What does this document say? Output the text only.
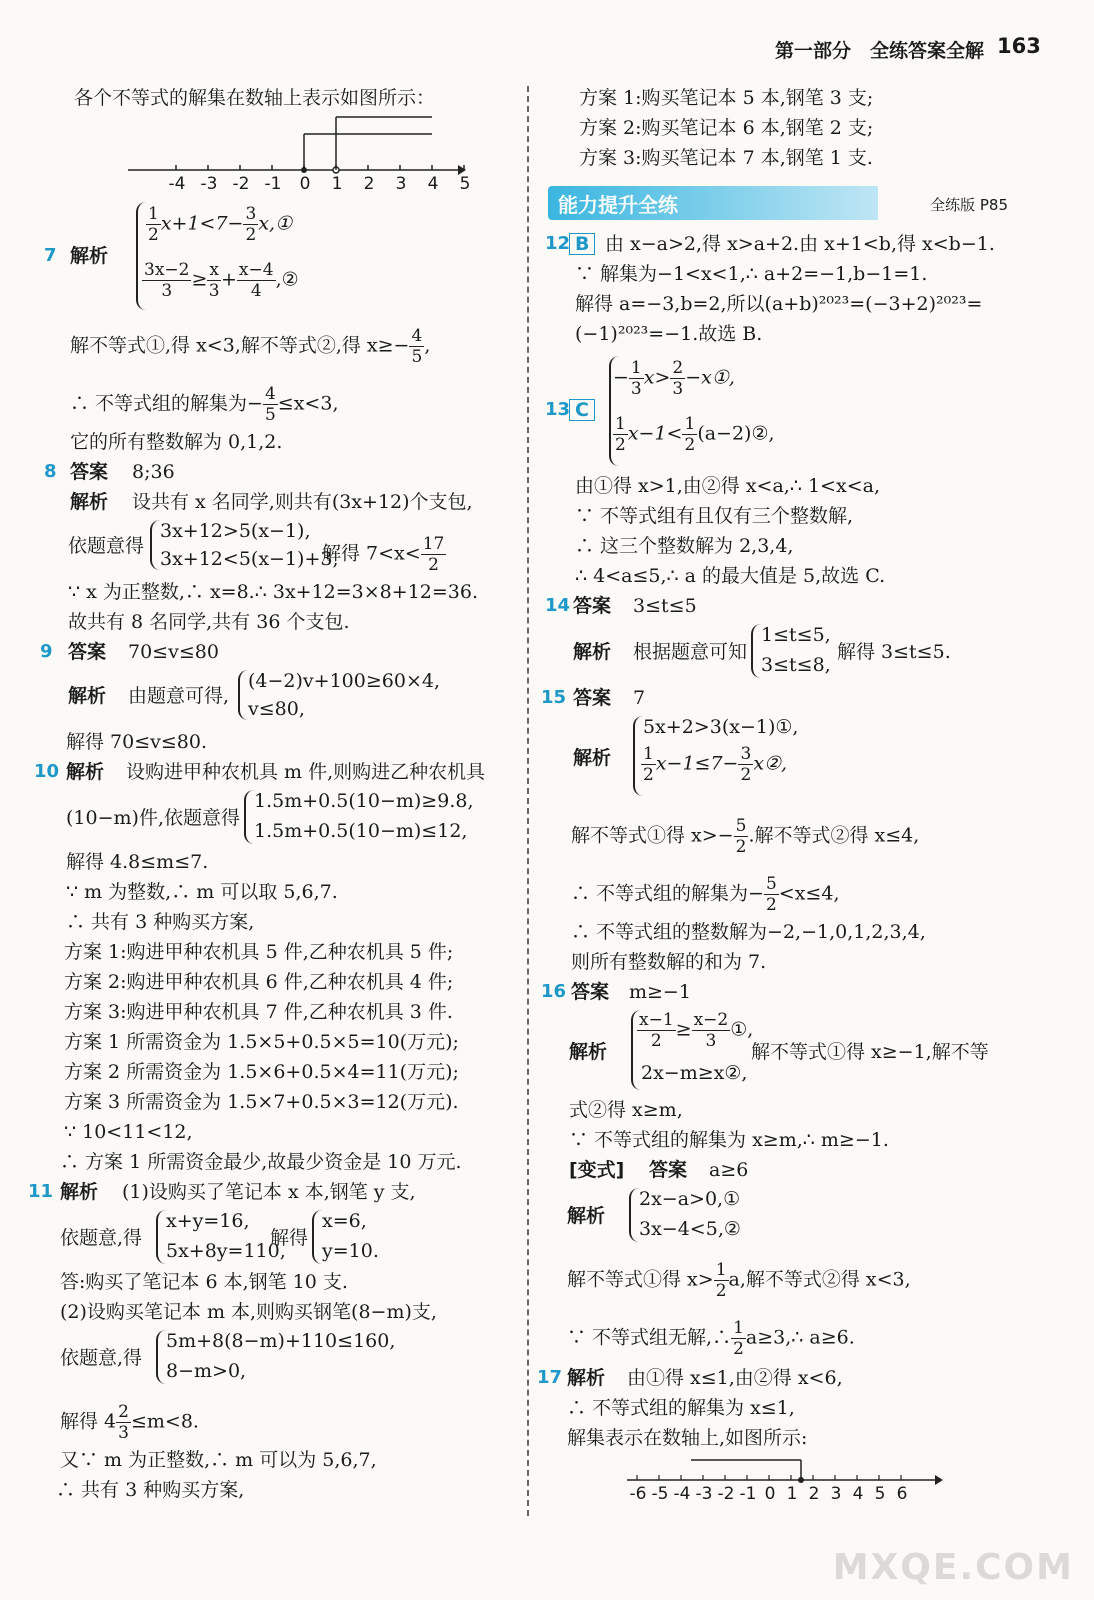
第一部分　全练答案全解 163
各个不等式的解集在数轴上表示如图所示：
-4 -3 -2 -1	0	1	2	3	4	5
7 解析
$\frac{1}{2} x+1<7- \frac{3}{2}$ x,①
$\frac{3x-2}{3} \ge \frac{x}{3} + \frac{x-4}{4}$ ,②
解不等式①,得 x<3,解不等式②,得 $x\ge- \frac{4}{5}$ ,
∴ 不等式组的解集为− $\frac{4}{5} \le x<3$,
它的所有整数解为 0,1,2.
8 答案 8;36
解析 设共有 x 名同学,则共有(3x+12)个支包,
依题意得
3x+12>5(x−1),
3x+12<5(x−1)+3,
解得 $7<x< \frac{17}{2}$
∵ x 为正整数,∴ x=8.∴ 3x+12=3×8+12=36.
故共有 8 名同学,共有 36 个支包.
9 答案 70≤v≤80
解析 由题意可得,
(4−2)v+100≥60×4,
v≤80,
解得 70≤v≤80.
10 解析 设购进甲种农机具 m 件,则购进乙种农机具
(10−m)件,依题意得
1.5m+0.5(10−m)≥9.8,
1.5m+0.5(10−m)≤12,
解得 4.8≤m≤7.
∵ m 为整数,∴ m 可以取 5,6,7.
∴ 共有 3 种购买方案,
方案 1:购进甲种农机具 5 件,乙种农机具 5 件;
方案 2:购进甲种农机具 6 件,乙种农机具 4 件;
方案 3:购进甲种农机具 7 件,乙种农机具 3 件.
方案 1 所需资金为 1.5×5+0.5×5=10(万元);
方案 2 所需资金为 1.5×6+0.5×4=11(万元);
方案 3 所需资金为 1.5×7+0.5×3=12(万元).
∵ 10<11<12,
∴ 方案 1 所需资金最少,故最少资金是 10 万元.
11 解析 (1)设购买了笔记本 x 本,钢笔 y 支,
依题意,得
x+y=16,
5x+8y=110,
解得
x=6,
y=10.
答:购买了笔记本 6 本,钢笔 10 支.
(2)设购买笔记本 m 本,则购买钢笔(8−m)支,
依题意,得
5m+8(8−m)+110≤160,
8−m>0,
解得 $4 \frac{2}{3} \le m<8$.
又∵ m 为正整数,∴ m 可以为 5,6,7,
∴ 共有 3 种购买方案,
方案 1:购买笔记本 5 本,钢笔 3 支;
方案 2:购买笔记本 6 本,钢笔 2 支;
方案 3:购买笔记本 7 本,钢笔 1 支.
能力提升全练	全练版 P85
12 B 由 x−a>2,得 x>a+2.由 x+1<b,得 x<b−1.
∵ 解集为−1<x<1,∴ a+2=−1,b−1=1.
解得 a=−3,b=2,所以(a+b)²⁰²³=(−3+2)²⁰²³=
(−1)²⁰²³=−1.故选 B.
13 C
− $\frac{1}{3} x> \frac{2}{3}$ −x①,
$\frac{1}{2} x-1< \frac{1}{2}$ (a−2)②,
由①得 x>1,由②得 x<a,∴ 1<x<a,
∵ 不等式组有且仅有三个整数解,
∴ 这三个整数解为 2,3,4,
∴ 4<a≤5,∴ a 的最大值是 5,故选 C.
14 答案 3≤t≤5
解析 根据题意可知
1≤t≤5,
3≤t≤8,
解得 3≤t≤5.
15 答案 7
解析
5x+2>3(x−1)①,
$\frac{1}{2} x-1\le 7- \frac{3}{2}$ x②,
解不等式①得 $x>- \frac{5}{2}$ .解不等式②得 x≤4,
∴ 不等式组的解集为− $\frac{5}{2} <x\le 4$,
∴ 不等式组的整数解为−2,−1,0,1,2,3,4,
则所有整数解的和为 7.
16 答案 m≥−1
解析
$\frac{x-1}{2} \ge \frac{x-2}{3}$ ①,
2x−m≥x②,
解不等式①得 x≥−1,解不等
式②得 x≥m,
∵ 不等式组的解集为 x≥m,∴ m≥−1.
[变式] 答案 a≥6
解析
2x−a>0,①
3x−4<5,②
解不等式①得 $x> \frac{1}{2} a$,解不等式②得 x<3,
∵ 不等式组无解,∴ $\frac{1}{2}$ a≥3,∴ a≥6.
17 解析 由①得 x≤1,由②得 x<6,
∴ 不等式组的解集为 x≤1,
解集表示在数轴上,如图所示:
-6 -5 -4 -3 -2 -1 0 1 2 3 4 5 6
MXQE.COM
